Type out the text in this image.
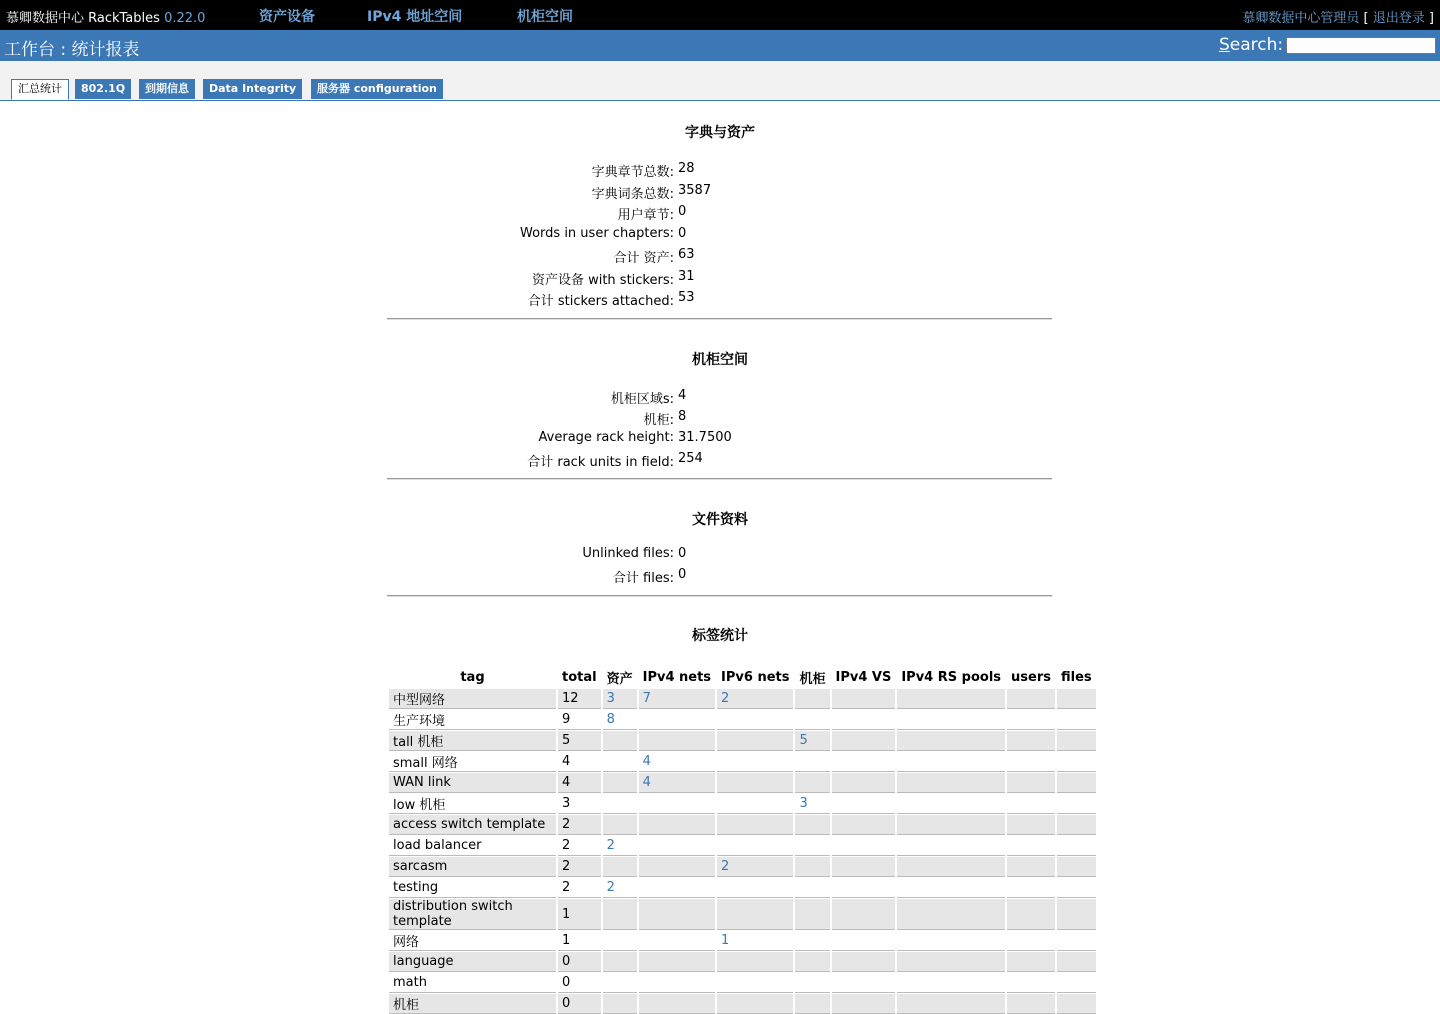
慕卿数据中心 RackTables 0.22.0	资产设备	IPv4 地址空间	机柜空间	慕卿数据中心管理员 [ 退出登录 ]
工作台 : 统计报表	Search:
汇总统计	802.1Q	到期信息	Data Integrity	服务器 configuration
字典与资产
字典章节总数: 28
字典词条总数: 3587
用户章节: 0
Words in user chapters: 0
合计 资产: 63
资产设备 with stickers: 31
合计 stickers attached: 53
机柜空间
机柜区域s: 4
机柜: 8
Average rack height: 31.7500
合计 rack units in field: 254
文件资料
Unlinked files: 0
合计 files: 0
标签统计
tag	total	资产	IPv4 nets	IPv6 nets	机柜	IPv4 VS	IPv4 RS pools	users	files
中型网络	12	3	7	2					
生产环境	9	8							
tall 机柜	5				5				
small 网络	4		4						
WAN link	4		4						
low 机柜	3				3				
access switch template	2								
load balancer	2	2							
sarcasm	2			2					
testing	2	2							
distribution switch template	1								
网络	1			1					
language	0								
math	0								
机柜	0								
